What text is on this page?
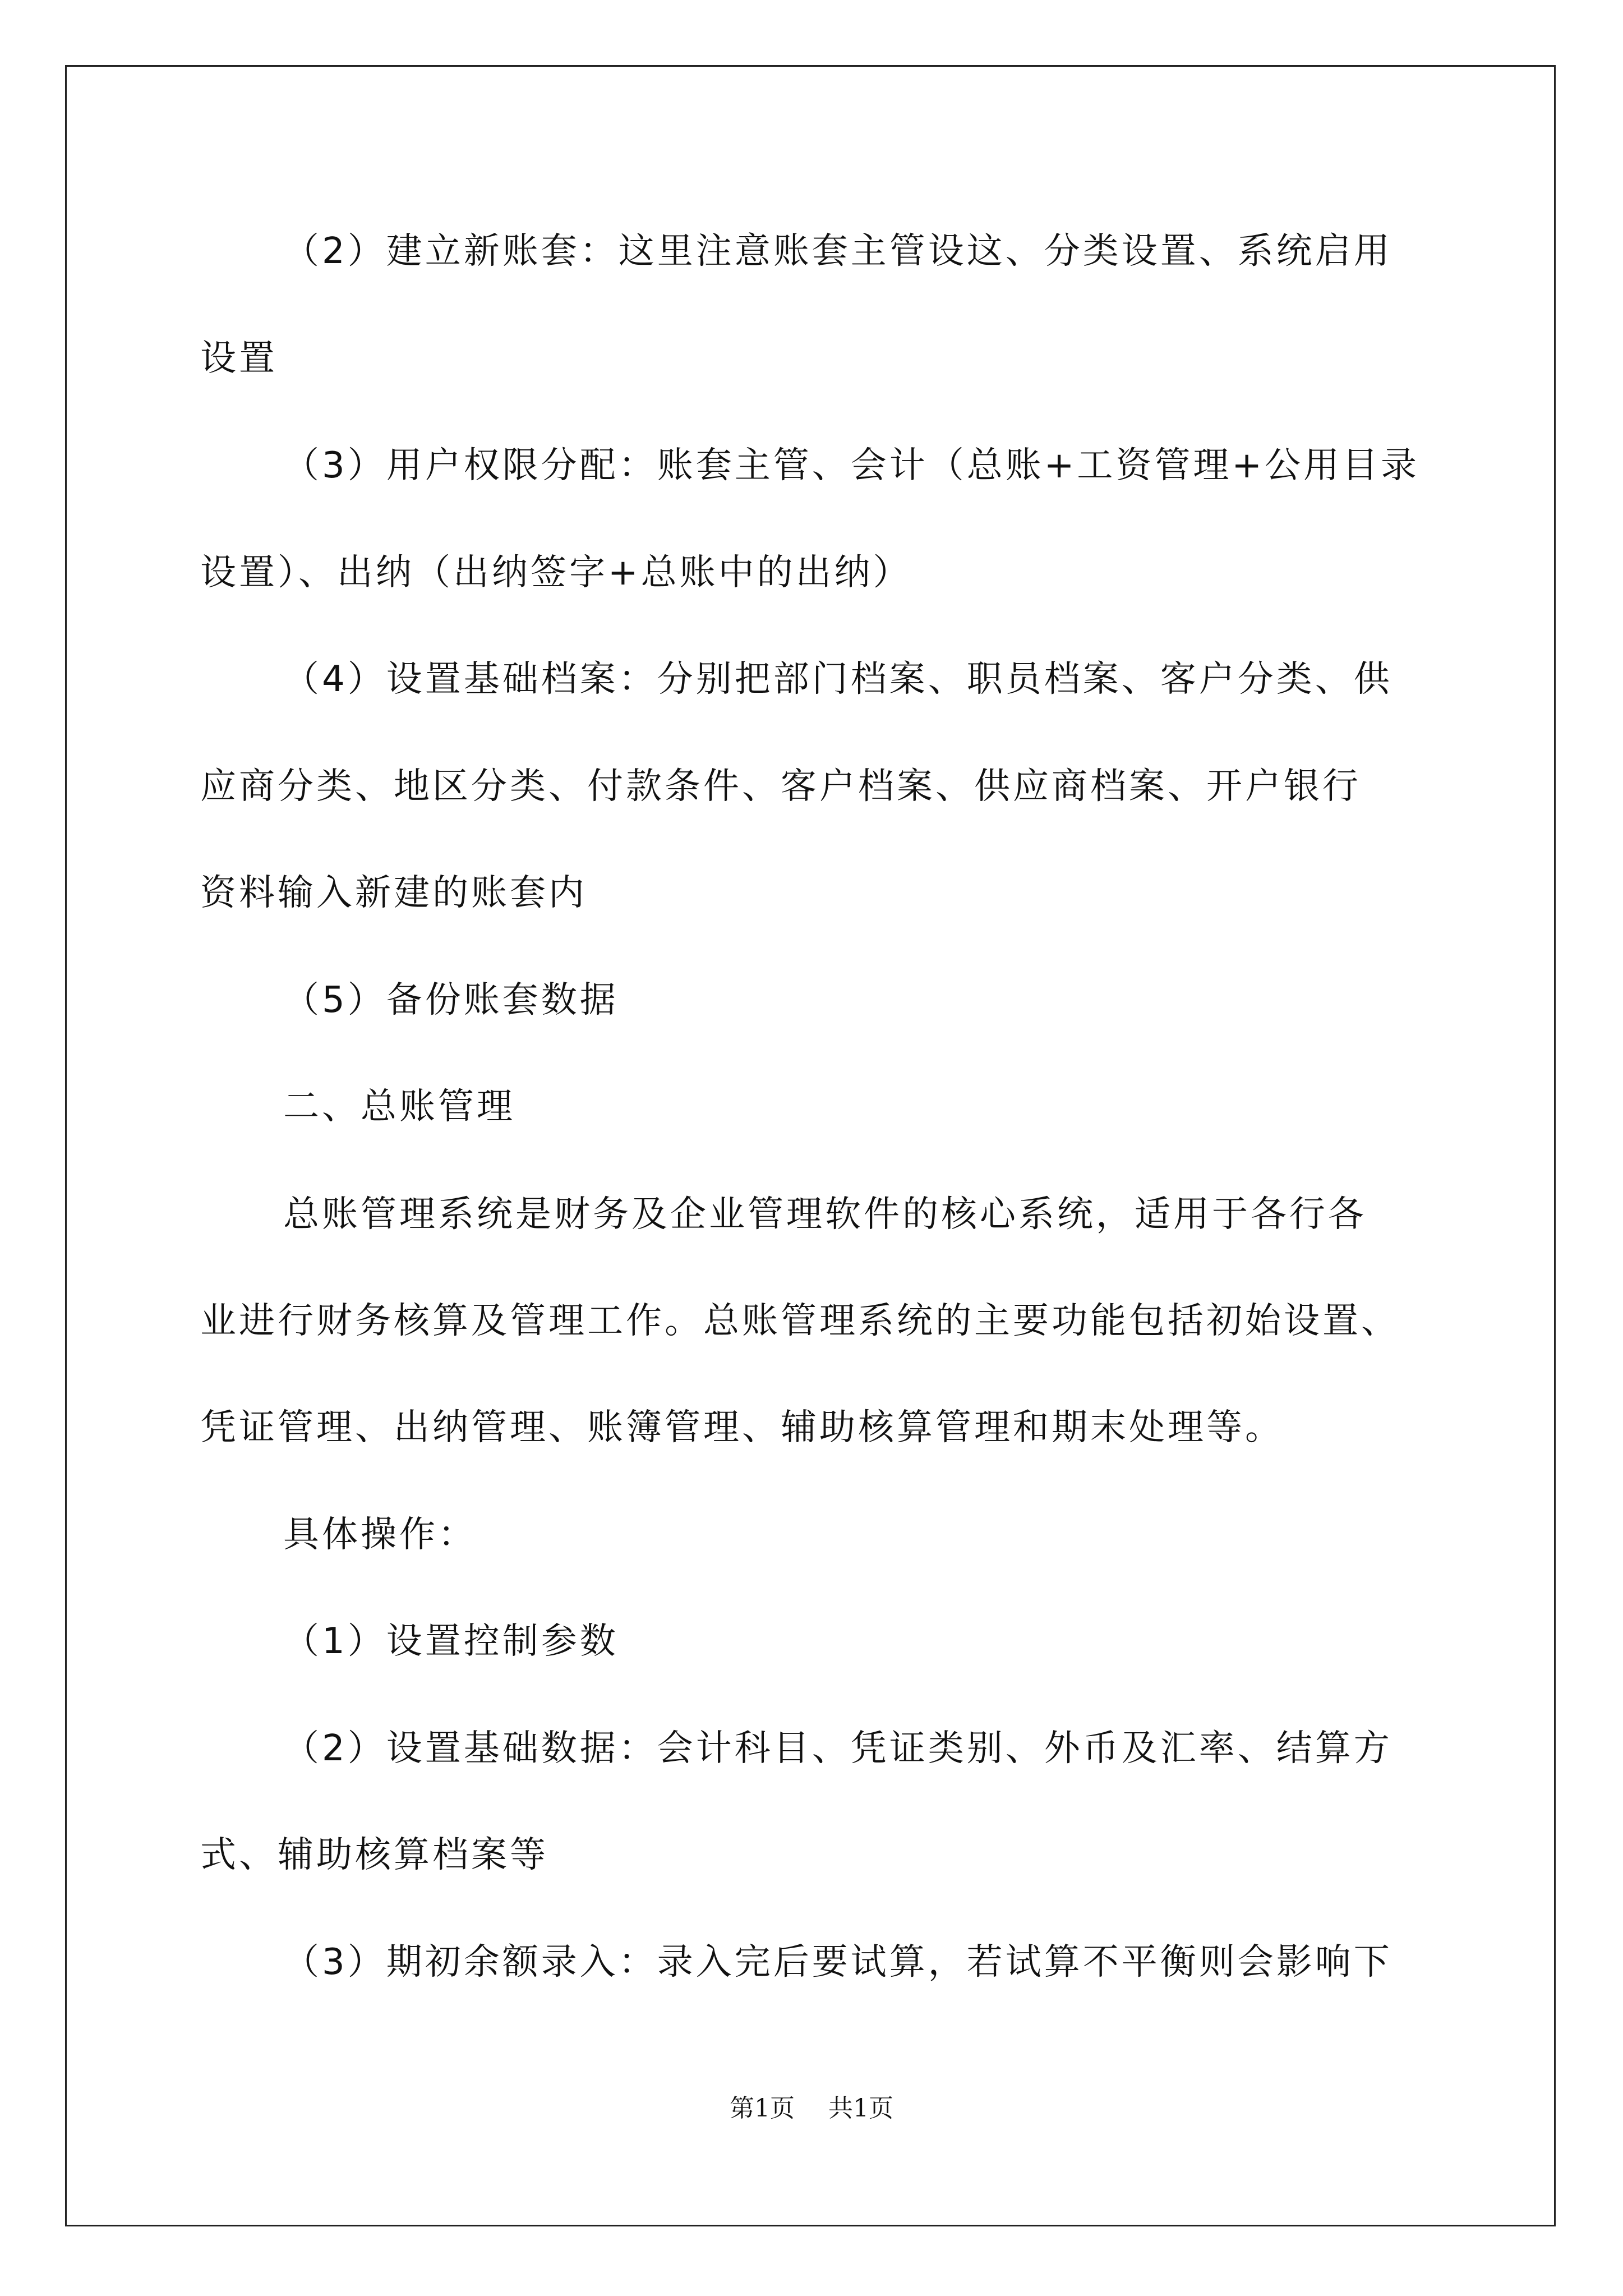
（2）建立新账套：这里注意账套主管设这、分类设置、系统启用
设置
（3）用户权限分配：账套主管、会计（总账+工资管理+公用目录
设置）、出纳（出纳签字+总账中的出纳）
（4）设置基础档案：分别把部门档案、职员档案、客户分类、供
应商分类、地区分类、付款条件、客户档案、供应商档案、开户银行
资料输入新建的账套内
（5）备份账套数据
二、总账管理
总账管理系统是财务及企业管理软件的核心系统，适用于各行各
业进行财务核算及管理工作。总账管理系统的主要功能包括初始设置、
凭证管理、出纳管理、账簿管理、辅助核算管理和期末处理等。
具体操作：
（1）设置控制参数
（2）设置基础数据：会计科目、凭证类别、外币及汇率、结算方
式、辅助核算档案等
（3）期初余额录入：录入完后要试算，若试算不平衡则会影响下
第1页 共1页
